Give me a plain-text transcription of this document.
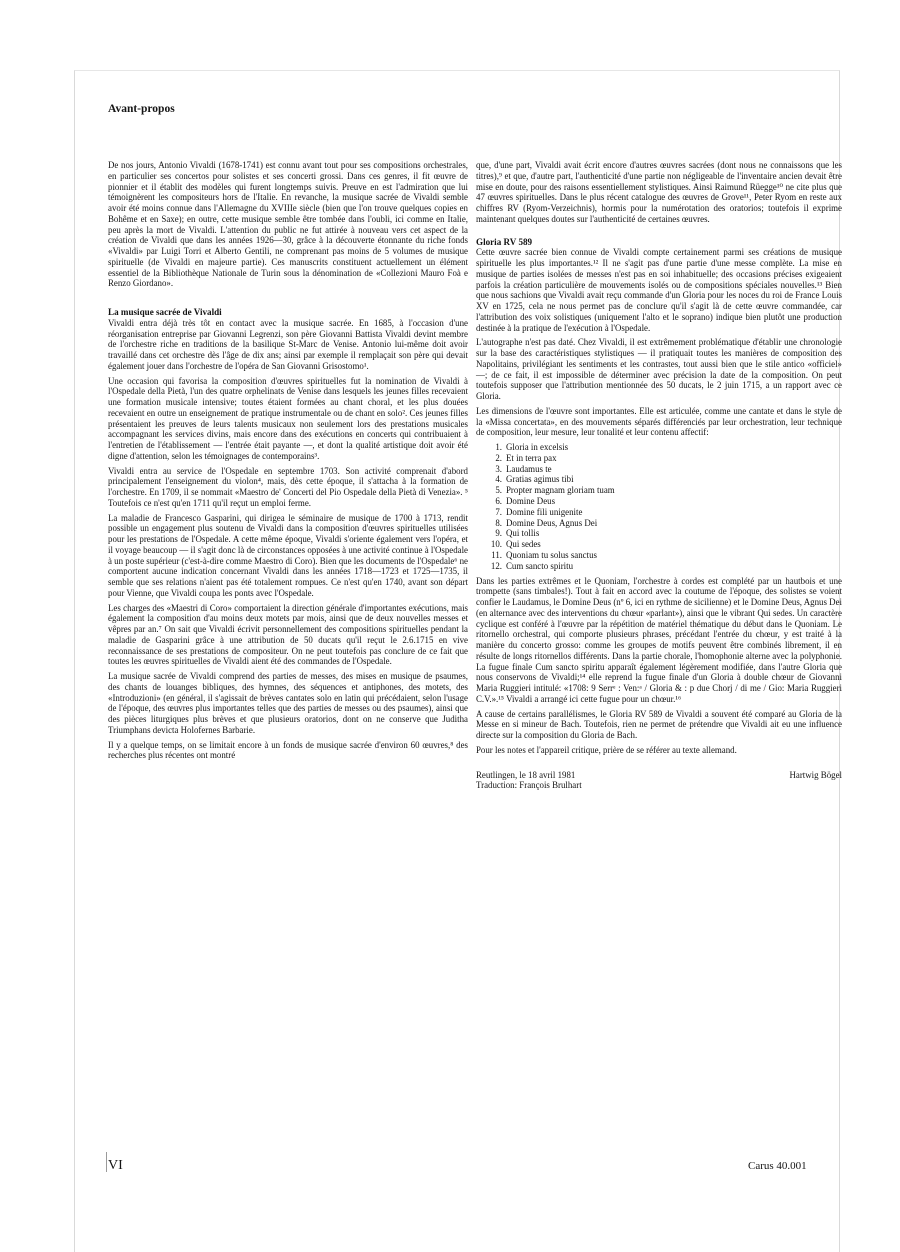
Avant-propos

De nos jours, Antonio Vivaldi (1678-1741) est connu avant tout pour ses compositions orchestrales, en particulier ses concertos pour solistes et ses concerti grossi. Dans ces genres, il fit œuvre de pionnier et il établit des modèles qui furent longtemps suivis. Preuve en est l'admiration que lui témoignèrent les compositeurs hors de l'Italie. En revanche, la musique sacrée de Vivaldi semble avoir été moins connue dans l'Allemagne du XVIIIe siècle (bien que l'on trouve quelques copies en Bohême et en Saxe); en outre, cette musique semble être tombée dans l'oubli, ici comme en Italie, peu après la mort de Vivaldi. L'attention du public ne fut attirée à nouveau vers cet aspect de la création de Vivaldi que dans les années 1926—30, grâce à la découverte étonnante du riche fonds «Vivaldi» par Luigi Torri et Alberto Gentili, ne comprenant pas moins de 5 volumes de musique spirituelle (de Vivaldi en majeure partie). Ces manuscrits constituent actuellement un élément essentiel de la Bibliothèque Nationale de Turin sous la dénomination de «Collezioni Mauro Foà e Renzo Giordano».

La musique sacrée de Vivaldi

Vivaldi entra déjà très tôt en contact avec la musique sacrée. En 1685, à l'occasion d'une réorganisation entreprise par Giovanni Legrenzi, son père Giovanni Battista Vivaldi devint membre de l'orchestre riche en traditions de la basilique St-Marc de Venise. Antonio lui-même doit avoir travaillé dans cet orchestre dès l'âge de dix ans; ainsi par exemple il remplaçait son père qui devait également jouer dans l'orchestre de l'opéra de San Giovanni Grisostomo¹.

Une occasion qui favorisa la composition d'œuvres spirituelles fut la nomination de Vivaldi à l'Ospedale della Pietà, l'un des quatre orphelinats de Venise dans lesquels les jeunes filles recevaient une formation musicale intensive; toutes étaient formées au chant choral, et les plus douées recevaient en outre un enseignement de pratique instrumentale ou de chant en solo². Ces jeunes filles présentaient les preuves de leurs talents musicaux non seulement lors des prestations musicales accompagnant les services divins, mais encore dans des exécutions en concerts qui contribuaient à l'entretien de l'établissement — l'entrée était payante —, et dont la qualité artistique doit avoir été digne d'attention, selon les témoignages de contemporains³.

Vivaldi entra au service de l'Ospedale en septembre 1703. Son activité comprenait d'abord principalement l'enseignement du violon⁴, mais, dès cette époque, il s'attacha à la formation de l'orchestre. En 1709, il se nommait «Maestro de' Concerti del Pio Ospedale della Pietà di Venezia». ⁵ Toutefois ce n'est qu'en 1711 qu'il reçut un emploi ferme.

La maladie de Francesco Gasparini, qui dirigea le séminaire de musique de 1700 à 1713, rendit possible un engagement plus soutenu de Vivaldi dans la composition d'œuvres spirituelles utilisées pour les prestations de l'Ospedale. A cette même époque, Vivaldi s'oriente également vers l'opéra, et il voyage beaucoup — il s'agit donc là de circonstances opposées à une activité continue à l'Ospedale à un poste supérieur (c'est-à-dire comme Maestro di Coro). Bien que les documents de l'Ospedale⁶ ne comportent aucune indication concernant Vivaldi dans les années 1718—1723 et 1725—1735, il semble que ses relations n'aient pas été totalement rompues. Ce n'est qu'en 1740, avant son départ pour Vienne, que Vivaldi coupa les ponts avec l'Ospedale.

Les charges des «Maestri di Coro» comportaient la direction générale d'importantes exécutions, mais également la composition d'au moins deux motets par mois, ainsi que de deux nouvelles messes et vêpres par an.⁷ On sait que Vivaldi écrivit personnellement des compositions spirituelles pendant la maladie de Gasparini grâce à une attribution de 50 ducats qu'il reçut le 2.6.1715 en vive reconnaissance de ses prestations de compositeur. On ne peut toutefois pas conclure de ce fait que toutes les œuvres spirituelles de Vivaldi aient été des commandes de l'Ospedale.

La musique sacrée de Vivaldi comprend des parties de messes, des mises en musique de psaumes, des chants de louanges bibliques, des hymnes, des séquences et antiphones, des motets, des «Introduzioni» (en général, il s'agissait de brèves cantates solo en latin qui précédaient, selon l'usage de l'époque, des œuvres plus importantes telles que des parties de messes ou des psaumes), ainsi que des pièces liturgiques plus brèves et que plusieurs oratorios, dont on ne conserve que Juditha Triumphans devicta Holofernes Barbarie.

Il y a quelque temps, on se limitait encore à un fonds de musique sacrée d'environ 60 œuvres,⁸ des recherches plus récentes ont montré

que, d'une part, Vivaldi avait écrit encore d'autres œuvres sacrées (dont nous ne connaissons que les titres),⁹ et que, d'autre part, l'authenticité d'une partie non négligeable de l'inventaire ancien devait être mise en doute, pour des raisons essentiellement stylistiques. Ainsi Raimund Rüegge¹⁰ ne cite plus que 47 œuvres spirituelles. Dans le plus récent catalogue des œuvres de Grove¹¹, Peter Ryom en reste aux chiffres RV (Ryom-Verzeichnis), hormis pour la numérotation des oratorios; toutefois il exprime maintenant quelques doutes sur l'authenticité de certaines œuvres.

Gloria RV 589

Cette œuvre sacrée bien connue de Vivaldi compte certainement parmi ses créations de musique spirituelle les plus importantes.¹² Il ne s'agit pas d'une partie d'une messe complète. La mise en musique de parties isolées de messes n'est pas en soi inhabituelle; des occasions précises exigeaient parfois la création particulière de mouvements isolés ou de compositions spéciales nouvelles.¹³ Bien que nous sachions que Vivaldi avait reçu commande d'un Gloria pour les noces du roi de France Louis XV en 1725, cela ne nous permet pas de conclure qu'il s'agit là de cette œuvre commandée, car l'attribution des voix solistiques (uniquement l'alto et le soprano) indique bien plutôt une production destinée à la pratique de l'exécution à l'Ospedale.

L'autographe n'est pas daté. Chez Vivaldi, il est extrêmement problématique d'établir une chronologie sur la base des caractéristiques stylistiques — il pratiquait toutes les manières de composition des Napolitains, privilégiant les sentiments et les contrastes, tout aussi bien que le stile antico «officiel» —; de ce fait, il est impossible de déterminer avec précision la date de la composition. On peut toutefois supposer que l'attribution mentionnée des 50 ducats, le 2 juin 1715, a un rapport avec ce Gloria.

Les dimensions de l'œuvre sont importantes. Elle est articulée, comme une cantate et dans le style de la «Missa concertata», en des mouvements séparés différenciés par leur orchestration, leur technique de composition, leur mesure, leur tonalité et leur contenu affectif:

1. Gloria in excelsis
2. Et in terra pax
3. Laudamus te
4. Gratias agimus tibi
5. Propter magnam gloriam tuam
6. Domine Deus
7. Domine fili unigenite
8. Domine Deus, Agnus Dei
9. Qui tollis
10. Qui sedes
11. Quoniam tu solus sanctus
12. Cum sancto spiritu

Dans les parties extrêmes et le Quoniam, l'orchestre à cordes est complété par un hautbois et une trompette (sans timbales!). Tout à fait en accord avec la coutume de l'époque, des solistes se voient confier le Laudamus, le Domine Deus (nº 6, ici en rythme de sicilienne) et le Domine Deus, Agnus Dei (en alternance avec des interventions du chœur «parlant»), ainsi que le vibrant Qui sedes. Un caractère cyclique est conféré à l'œuvre par la répétition de matériel thématique du début dans le Quoniam. Le ritornello orchestral, qui comporte plusieurs phrases, précédant l'entrée du chœur, y est traité à la manière du concerto grosso: comme les groupes de motifs peuvent être combinés librement, il en résulte de longs ritornellos différents. Dans la partie chorale, l'homophonie alterne avec la polyphonie. La fugue finale Cum sancto spiritu apparaît également légèrement modifiée, dans l'autre Gloria que nous conservons de Vivaldi;¹⁴ elle reprend la fugue finale d'un Gloria à double chœur de Giovanni Maria Ruggieri intitulé: «1708: 9 Serrᵉ : Ven:ᵃ / Gloria & : p due Chorj / di me / Gio: Maria Ruggieri C.V.».¹⁵ Vivaldi a arrangé ici cette fugue pour un chœur.¹⁶

A cause de certains parallélismes, le Gloria RV 589 de Vivaldi a souvent été comparé au Gloria de la Messe en si mineur de Bach. Toutefois, rien ne permet de prétendre que Vivaldi ait eu une influence directe sur la composition du Gloria de Bach.

Pour les notes et l'appareil critique, prière de se référer au texte allemand.

Reutlingen, le 18 avril 1981
Traduction: François Brulhart
Hartwig Bögel
VI	Carus 40.001
